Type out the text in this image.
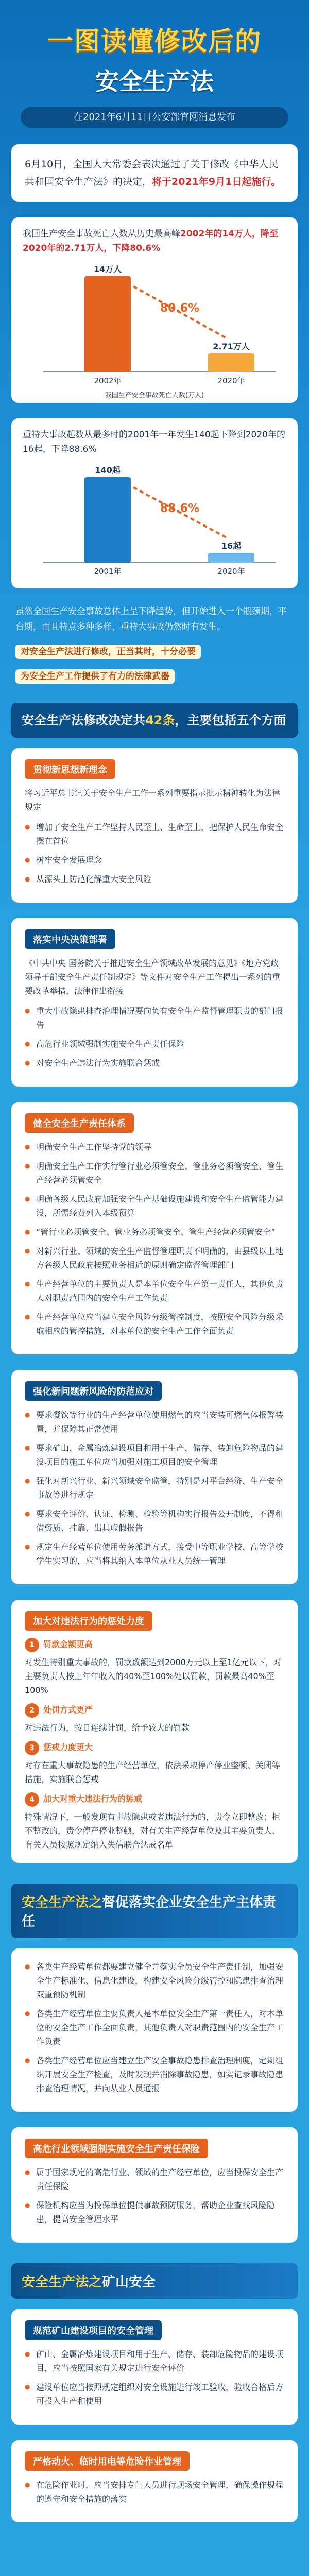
一图读懂修改后的
安全生产法
在2021年6月11日公安部官网消息发布
6月10日，全国人大常委会表决通过了关于修改《中华人民共和国安全生产法》的决定，将于2021年9月1日起施行。
我国生产安全事故死亡人数从历史最高峰2002年的14万人，降至2020年的2.71万人，下降80.6%
14万人
2002年
2.71万人
2020年
80.6%
我国生产安全事故死亡人数(万人)
重特大事故起数从最多时的2001年一年发生140起下降到2020年的16起，下降88.6%
140起
2001年
16起
2020年
88.6%
虽然全国生产安全事故总体上呈下降趋势，但开始进入一个瓶颈期，平台期，而且特点多种多样，重特大事故仍然时有发生。
对安全生产法进行修改，正当其时，十分必要
为安全生产工作提供了有力的法律武器
安全生产法修改决定共42条，主要包括五个方面
贯彻新思想新理念
将习近平总书记关于安全生产工作一系列重要指示批示精神转化为法律规定
● 增加了安全生产工作坚持人民至上、生命至上，把保护人民生命安全摆在首位
● 树牢安全发展理念
● 从源头上防范化解重大安全风险
落实中央决策部署
《中共中央 国务院关于推进安全生产领域改革发展的意见》《地方党政领导干部安全生产责任制规定》等文件对安全生产工作提出一系列的重要改革举措，法律作出衔接
● 重大事故隐患排查治理情况要向负有安全生产监督管理职责的部门报告
● 高危行业领域强制实施安全生产责任保险
● 对安全生产违法行为实施联合惩戒
健全安全生产责任体系
● 明确安全生产工作坚持党的领导
● 明确安全生产工作实行管行业必须管安全、管业务必须管安全、管生产经营必须管安全
● 明确各级人民政府加强安全生产基础设施建设和安全生产监管能力建设，所需经费列入本级预算
● “管行业必须管安全、管业务必须管安全、管生产经营必须管安全”
● 对新兴行业、领域的安全生产监督管理职责不明确的，由县级以上地方各级人民政府按照业务相近的原则确定监督管理部门
● 生产经营单位的主要负责人是本单位安全生产第一责任人，其他负责人对职责范围内的安全生产工作负责
● 生产经营单位应当建立安全风险分级管控制度，按照安全风险分级采取相应的管控措施，对本单位的安全生产工作全面负责
强化新问题新风险的防范应对
● 要求餐饮等行业的生产经营单位使用燃气的应当安装可燃气体报警装置，并保障其正常使用
● 要求矿山、金属冶炼建设项目和用于生产、储存、装卸危险物品的建设项目的施工单位应当加强对施工项目的安全管理
● 强化对新兴行业、新兴领域安全监管，特别是对平台经济、生产安全事故等进行规定
● 要求安全评价、认证、检测、检验等机构实行报告公开制度，不得租借资质、挂靠、出具虚假报告
● 规定生产经营单位使用劳务派遣方式，接受中等职业学校、高等学校学生实习的，应当将其纳入本单位从业人员统一管理
加大对违法行为的惩处力度
1 罚款金额更高
对发生特别重大事故的，罚款数额达到2000万元以上至1亿元以下，对主要负责人按上年年收入的40%至100%处以罚款，罚款最高40%至100%
2 处罚方式更严
对违法行为，按日连续计罚，给予较大的罚款
3 惩戒力度更大
对存在重大事故隐患的生产经营单位，依法采取停产停业整顿、关闭等措施，实施联合惩戒
4 加大对重大违法行为的惩戒
特殊情况下，一般发现有事故隐患或者违法行为的，责令立即整改；拒不整改的，责令停产停业整顿，对有关生产经营单位及其主要负责人、有关人员按照规定纳入失信联合惩戒名单
安全生产法之督促落实企业安全生产主体责任
● 各类生产经营单位都要建立健全并落实全员安全生产责任制，加强安全生产标准化、信息化建设，构建安全风险分级管控和隐患排查治理双重预防机制
● 各类生产经营单位主要负责人是本单位安全生产第一责任人，对本单位的安全生产工作全面负责，其他负责人对职责范围内的安全生产工作负责
● 各类生产经营单位应当建立生产安全事故隐患排查治理制度，定期组织开展安全生产检查，及时发现并消除事故隐患，如实记录事故隐患排查治理情况，并向从业人员通报
高危行业领域强制实施安全生产责任保险
● 属于国家规定的高危行业、领域的生产经营单位，应当投保安全生产责任保险
● 保险机构应当为投保单位提供事故预防服务，帮助企业查找风险隐患，提高安全管理水平
安全生产法之矿山安全
规范矿山建设项目的安全管理
● 矿山、金属冶炼建设项目和用于生产、储存、装卸危险物品的建设项目，应当按照国家有关规定进行安全评价
● 建设单位应当按照规定组织对安全设施进行竣工验收，验收合格后方可投入生产和使用
严格动火、临时用电等危险作业管理
● 在危险作业时，应当安排专门人员进行现场安全管理，确保操作规程的遵守和安全措施的落实
